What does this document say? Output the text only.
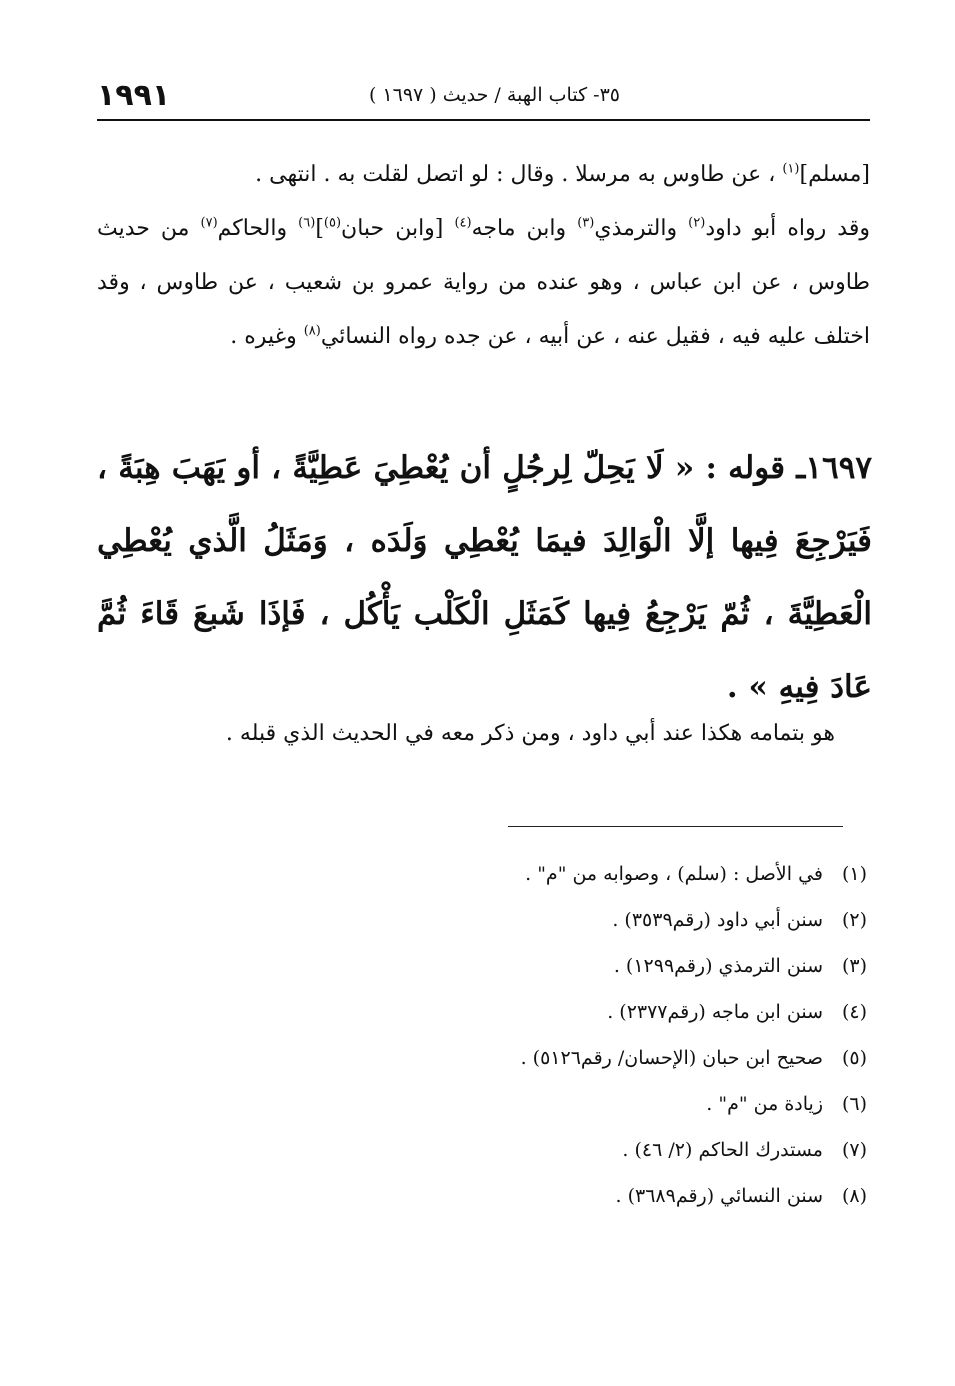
٣٥- كتاب الهبة / حديث ( ١٦٩٧ )
١٩٩١

[مسلم]$^{(١)}$ ، عن طاوس به مرسلا . وقال : لو اتصل لقلت به . انتهى .

وقد رواه أبو داود$^{(٢)}$ والترمذي$^{(٣)}$ وابن ماجه$^{(٤)}$ [وابن حبان$^{(٥)}$]$^{(٦)}$ والحاكم$^{(٧)}$ من حديث طاوس ، عن ابن عباس ، وهو عنده من رواية عمرو بن شعيب ، عن طاوس ، وقد اختلف عليه فيه ، فقيل عنه ، عن أبيه ، عن جده رواه النسائي$^{(٨)}$ وغيره .

١٦٩٧ـ قوله : « لَا يَحِلّ لِرجُلٍ أن يُعْطِيَ عَطِيَّةً ، أو يَهَبَ هِبَةً ، فَيَرْجِعَ فِيها إلَّا الْوَالِدَ فيمَا يُعْطِي وَلَدَه ، وَمَثَلُ الَّذي يُعْطِي الْعَطِيَّةَ ، ثُمّ يَرْجِعُ فِيها كَمَثَلِ الْكَلْب يَأْكُل ، فَإذَا شَبعَ قَاءَ ثُمَّ عَادَ فِيهِ » .

هو بتمامه هكذا عند أبي داود ، ومن ذكر معه في الحديث الذي قبله .

(١)
في الأصل : (سلم) ، وصوابه من "م" .
(٢)
سنن أبي داود (رقم٣٥٣٩) .
(٣)
سنن الترمذي (رقم١٢٩٩) .
(٤)
سنن ابن ماجه (رقم٢٣٧٧) .
(٥)
صحيح ابن حبان (الإحسان/ رقم٥١٢٦) .
(٦)
زيادة من "م" .
(٧)
مستدرك الحاكم (٢/ ٤٦) .
(٨)
سنن النسائي (رقم٣٦٨٩) .
